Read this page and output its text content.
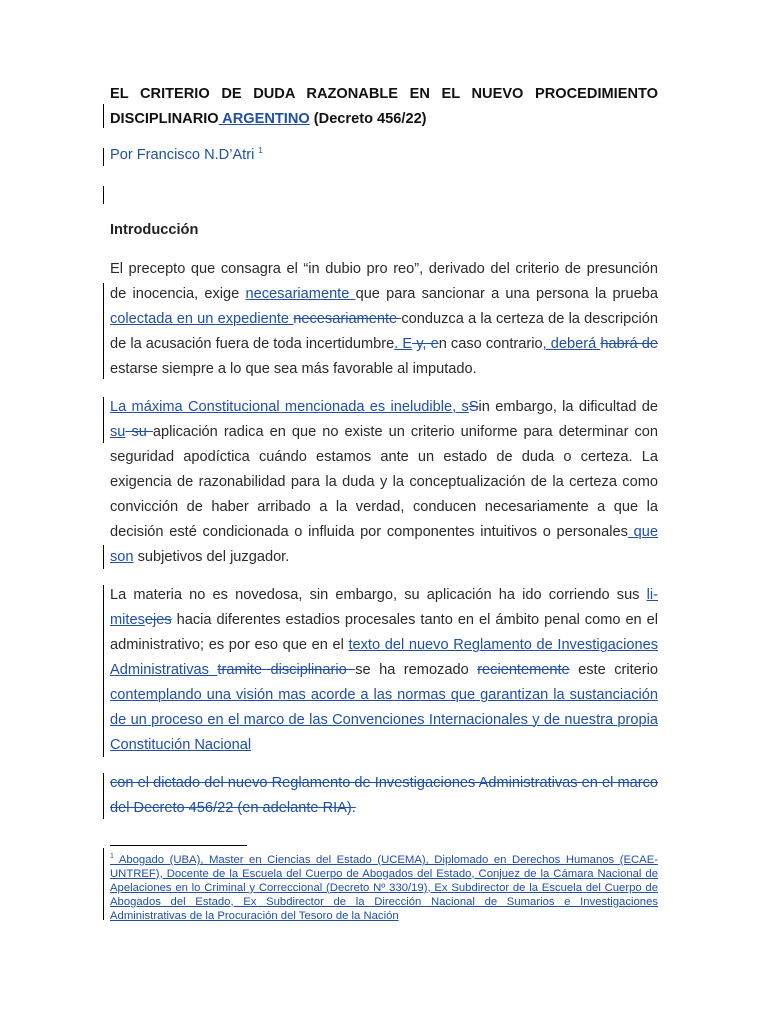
EL CRITERIO DE DUDA RAZONABLE EN EL NUEVO PROCEDIMIENTO
DISCIPLINARIO ARGENTINO (Decreto 456/22)
Por Francisco N.D’Atri $^1$
Introducción
El precepto que consagra el “in dubio pro reo”, derivado del criterio de presunción de inocencia, exige necesariamente que para sancionar a una persona la prueba colectada en un expediente necesariamente conduzca a la certeza de la descripción de la acusación fuera de toda incertidumbre. E y, en caso contrario, deberá habrá de estarse siempre a lo que sea más favorable al imputado.
La máxima Constitucional mencionada es ineludible, sSin embargo, la dificultad de su su aplicación radica en que no existe un criterio uniforme para determinar con seguridad apodíctica cuándo estamos ante un estado de duda o certeza. La exigencia de razonabilidad para la duda y la conceptualización de la certeza como convicción de haber arribado a la verdad, conducen necesariamente a que la decisión esté condicionada o influida por componentes intuitivos o personales que son subjetivos del juzgador.
La materia no es novedosa, sin embargo, su aplicación ha ido corriendo sus limitesejes hacia diferentes estadios procesales tanto en el ámbito penal como en el administrativo; es por eso que en el texto del nuevo Reglamento de Investigaciones Administrativas tramite disciplinario se ha remozado recientemente este criterio contemplando una visión mas acorde a las normas que garantizan la sustanciación de un proceso en el marco de las Convenciones Internacionales y de nuestra propia Constitución Nacional
con el dictado del nuevo Reglamento de Investigaciones Administrativas en el marco del Decreto 456/22 (en adelante RIA).
$^1$ Abogado (UBA), Master en Ciencias del Estado (UCEMA), Diplomado en Derechos Humanos (ECAE-UNTREF), Docente de la Escuela del Cuerpo de Abogados del Estado, Conjuez de la Cámara Nacional de Apelaciones en lo Criminal y Correccional (Decreto Nº 330/19), Ex Subdirector de la Escuela del Cuerpo de Abogados del Estado, Ex Subdirector de la Dirección Nacional de Sumarios e Investigaciones Administrativas de la Procuración del Tesoro de la Nación
